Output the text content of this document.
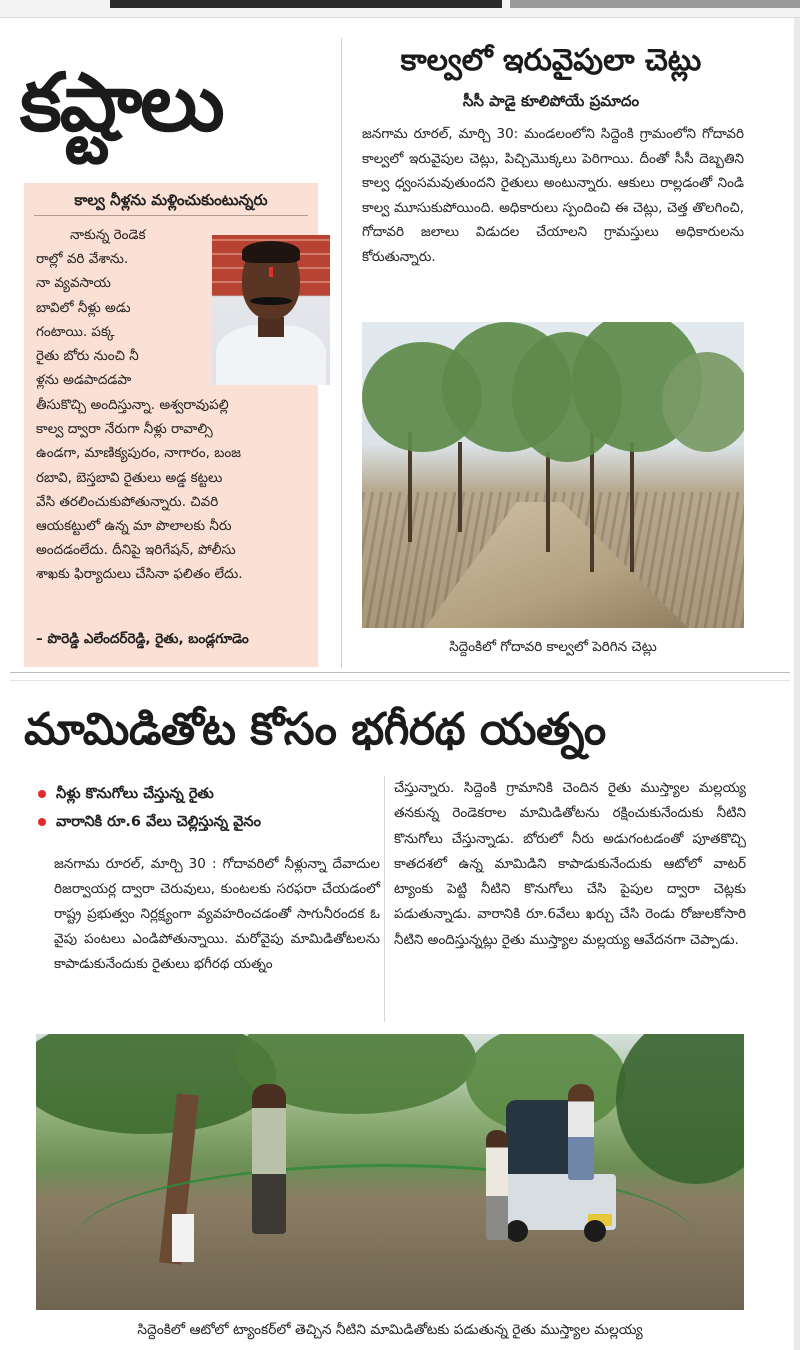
కష్టాలు
కాల్వ నీళ్లను మళ్లించుకుంటున్నరు
నాకున్న రెండెక
రాల్లో వరి వేశాను.
నా వ్యవసాయ
బావిలో నీళ్లు అడు
గంటాయి. పక్క
రైతు బోరు నుంచి నీ
ళ్లను అడపాదడపా
తీసుకొచ్చి అందిస్తున్నా. అశ్వరావుపల్లి
కాల్వ ద్వారా నేరుగా నీళ్లు రావాల్సి
ఉండగా, మాణిక్యపురం, నాగారం, బంజ
రబావి, బెస్తబావి రైతులు అడ్డ కట్టలు
వేసి తరలించుకుపోతున్నారు. చివరి
ఆయకట్టులో ఉన్న మా పొలాలకు నీరు
అందడంలేదు. దీనిపై ఇరిగేషన్, పోలీసు
శాఖకు ఫిర్యాదులు చేసినా ఫలితం లేదు.
– పొరెడ్డి ఎలేందర్‌రెడ్డి, రైతు, బండ్లగూడెం
కాల్వలో ఇరువైపులా చెట్లు
సీసీ పాడై కూలిపోయే ప్రమాదం
జనగామ రూరల్, మార్చి 30: మండలంలోని సిద్దెంకి గ్రామంలోని గోదావరి కాల్వలో ఇరువైపుల చెట్లు, పిచ్చిమొక్కలు పెరిగాయి. దీంతో సీసీ దెబ్బతిని కాల్వ ధ్వంసమవుతుందని రైతులు అంటున్నారు. ఆకులు రాల్లడంతో నిండి కాల్వ మూసుకుపోయింది. అధికారులు స్పందించి ఈ చెట్లు, చెత్త తొలగించి, గోదావరి జలాలు విడుదల చేయాలని గ్రామస్తులు అధికారులను కోరుతున్నారు.
సిద్దెంకిలో గోదావరి కాల్వలో పెరిగిన చెట్లు
మామిడితోట కోసం భగీరథ యత్నం
నీళ్లు కొనుగోలు చేస్తున్న రైతు
వారానికి రూ.6 వేలు చెల్లిస్తున్న వైనం
జనగామ రూరల్, మార్చి 30 : గోదావరిలో నీళ్లున్నా దేవాదుల రిజర్వాయర్ల ద్వారా చెరువులు, కుంటలకు సరఫరా చేయడంలో రాష్ట్ర ప్రభుత్వం నిర్లక్ష్యంగా వ్యవహరించడంతో సాగునీరందక ఓ వైపు పంటలు ఎండిపోతున్నాయి. మరోవైపు మామిడితోటలను కాపాడుకునేందుకు రైతులు భగీరథ యత్నం
చేస్తున్నారు. సిద్దెంకి గ్రామానికి చెందిన రైతు ముస్త్యాల మల్లయ్య తనకున్న రెండెకరాల మామిడితోటను రక్షించుకునేందుకు నీటిని కొనుగోలు చేస్తున్నాడు. బోరులో నీరు అడుగంటడంతో పూతకొచ్చి కాతదశలో ఉన్న మామిడిని కాపాడుకునేందుకు ఆటోలో వాటర్ ట్యాంకు పెట్టి నీటిని కొనుగోలు చేసి పైపుల ద్వారా చెట్లకు పడుతున్నాడు. వారానికి రూ.6వేలు ఖర్చు చేసి రెండు రోజులకోసారి నీటిని అందిస్తున్నట్లు రైతు ముస్త్యాల మల్లయ్య ఆవేదనగా చెప్పాడు.
సిద్దెంకిలో ఆటోలో ట్యాంకర్‌లో తెచ్చిన నీటిని మామిడితోటకు పడుతున్న రైతు ముస్త్యాల మల్లయ్య
